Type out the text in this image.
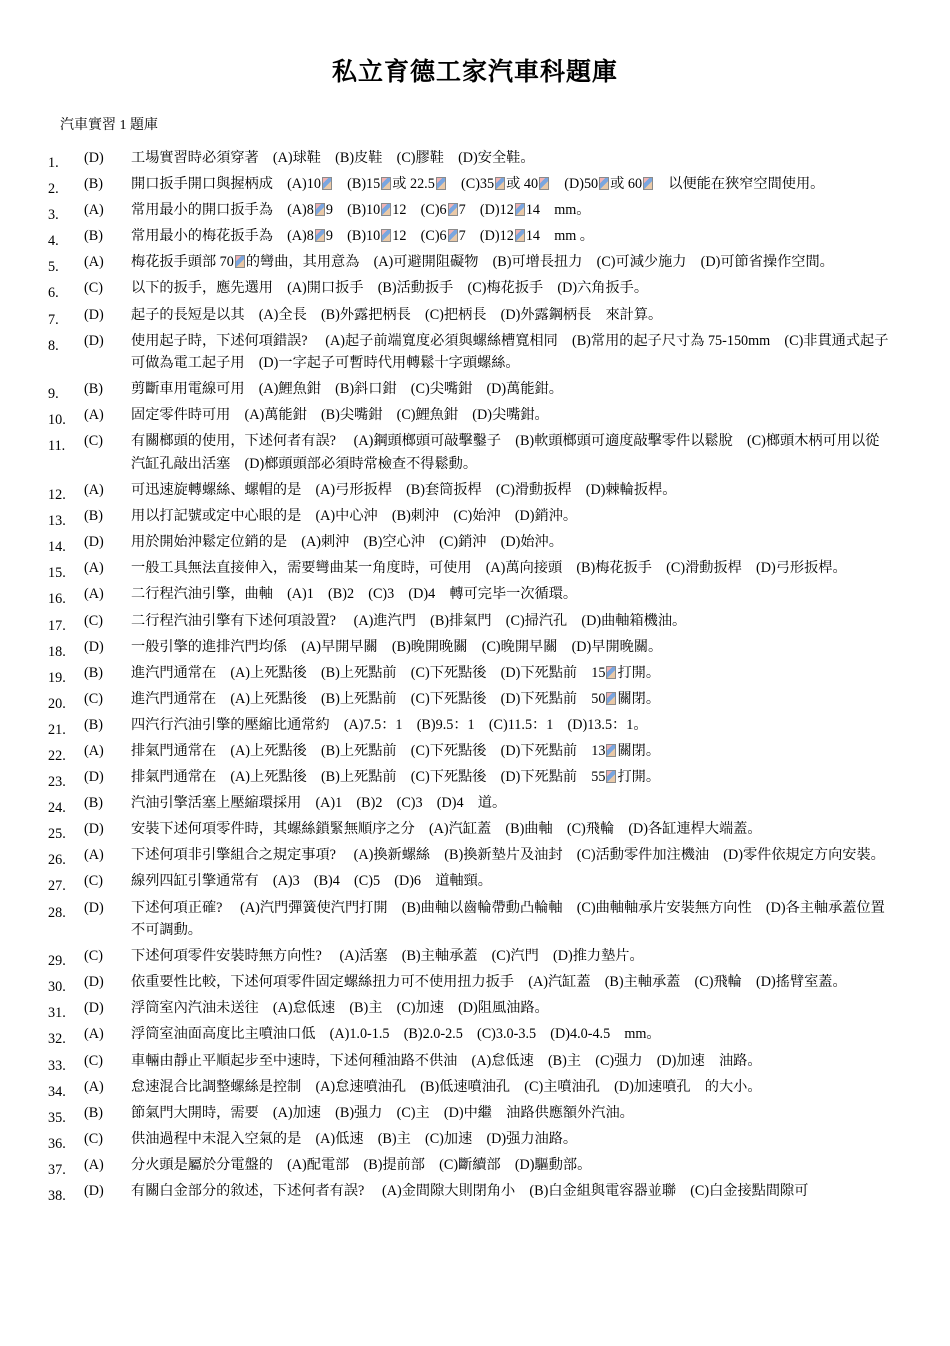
私立育德工家汽車科題庫
汽車實習 1 題庫
1.	(D) 工場實習時必須穿著　(A)球鞋　(B)皮鞋　(C)膠鞋　(D)安全鞋。
2.	(B) 開口扳手開口與握柄成　(A)10　(B)15 或 22.5　(C)35 或 40　(D)50 或 60　以便能在狹窄空間使用。
3.	(A) 常用最小的開口扳手為　(A)8 9　(B)10 12　(C)6 7　(D)12 14　mm。
4.	(B) 常用最小的梅花扳手為　(A)8 9　(B)10 12　(C)6 7　(D)12 14　mm 。
5.	(A) 梅花扳手頭部 70 的彎曲，其用意為　(A)可避開阻礙物　(B)可增長扭力　(C)可減少施力　(D)可節省操作空間。
6.	(C) 以下的扳手，應先選用　(A)開口扳手　(B)活動扳手　(C)梅花扳手　(D)六角扳手。
7.	(D) 起子的長短是以其　(A)全長　(B)外露把柄長　(C)把柄長　(D)外露鋼柄長　來計算。
8.	(D) 使用起子時，下述何項錯誤?　 (A)起子前端寬度必須與螺絲槽寬相同　(B)常用的起子尺寸為 75-150mm　(C)非貫通式起子可做為電工起子用　(D)一字起子可暫時代用轉鬆十字頭螺絲。
9.	(B) 剪斷車用電線可用　(A)鯉魚鉗　(B)斜口鉗　(C)尖嘴鉗　(D)萬能鉗。
10.	(A) 固定零件時可用　(A)萬能鉗　(B)尖嘴鉗　(C)鯉魚鉗　(D)尖嘴鉗。
11.	(C) 有關榔頭的使用，下述何者有誤?　 (A)鋼頭榔頭可敲擊鑿子　(B)軟頭榔頭可適度敲擊零件以鬆脫　(C)榔頭木柄可用以從汽缸孔敲出活塞　(D)榔頭頭部必須時常檢查不得鬆動。
12.	(A) 可迅速旋轉螺絲、螺帽的是　(A)弓形扳桿　(B)套筒扳桿　(C)滑動扳桿　(D)棘輪扳桿。
13.	(B) 用以打記號或定中心眼的是　(A)中心沖　(B)刺沖　(C)始沖　(D)銷沖。
14.	(D) 用於開始沖鬆定位銷的是　(A)刺沖　(B)空心沖　(C)銷沖　(D)始沖。
15.	(A) 一般工具無法直接伸入，需要彎曲某一角度時，可使用　(A)萬向接頭　(B)梅花扳手　(C)滑動扳桿　(D)弓形扳桿。
16.	(A) 二行程汽油引擎，曲軸　(A)1　(B)2　(C)3　(D)4　轉可完毕一次循環。
17.	(C) 二行程汽油引擎有下述何項設置?　 (A)進汽門　(B)排氣門　(C)掃汽孔　(D)曲軸箱機油。
18.	(D) 一般引擎的進排汽門均係　(A)早開早關　(B)晚開晚關　(C)晚開早關　(D)早開晚關。
19.	(B) 進汽門通常在　(A)上死點後　(B)上死點前　(C)下死點後　(D)下死點前　15 打開。
20.	(C) 進汽門通常在　(A)上死點後　(B)上死點前　(C)下死點後　(D)下死點前　50 關閉。
21.	(B) 四汽行汽油引擎的壓縮比通常約　(A)7.5：1　(B)9.5：1　(C)11.5：1　(D)13.5：1。
22.	(A) 排氣門通常在　(A)上死點後　(B)上死點前　(C)下死點後　(D)下死點前　13 關閉。
23.	(D) 排氣門通常在　(A)上死點後　(B)上死點前　(C)下死點後　(D)下死點前　55 打開。
24.	(B) 汽油引擎活塞上壓縮環採用　(A)1　(B)2　(C)3　(D)4　道。
25.	(D) 安裝下述何項零件時，其螺絲鎖緊無順序之分　(A)汽缸蓋　(B)曲軸　(C)飛輪　(D)各缸連桿大端蓋。
26.	(A) 下述何項非引擎組合之規定事項?　 (A)換新螺絲　(B)換新墊片及油封　(C)活動零件加注機油　(D)零件依規定方向安裝。
27.	(C) 線列四缸引擎通常有　(A)3　(B)4　(C)5　(D)6　道軸頸。
28.	(D) 下述何項正確?　 (A)汽門彈簧使汽門打開　(B)曲軸以齒輪帶動凸輪軸　(C)曲軸軸承片安裝無方向性　(D)各主軸承蓋位置不可調動。
29.	(C) 下述何項零件安裝時無方向性?　 (A)活塞　(B)主軸承蓋　(C)汽門　(D)推力墊片。
30.	(D) 依重要性比較，下述何項零件固定螺絲扭力可不使用扭力扳手　(A)汽缸蓋　(B)主軸承蓋　(C)飛輪　(D)搖臂室蓋。
31.	(D) 浮筒室內汽油未送往　(A)怠低速　(B)主　(C)加速　(D)阻風油路。
32.	(A) 浮筒室油面高度比主噴油口低　(A)1.0-1.5　(B)2.0-2.5　(C)3.0-3.5　(D)4.0-4.5　mm。
33.	(C) 車輛由靜止平順起步至中速時，下述何種油路不供油　(A)怠低速　(B)主　(C)强力　(D)加速　油路。
34.	(A) 怠速混合比調整螺絲是控制　(A)怠速噴油孔　(B)低速噴油孔　(C)主噴油孔　(D)加速噴孔　的大小。
35.	(B) 節氣門大開時，需要　(A)加速　(B)强力　(C)主　(D)中繼　油路供應額外汽油。
36.	(C) 供油過程中未混入空氣的是　(A)低速　(B)主　(C)加速　(D)强力油路。
37.	(A) 分火頭是屬於分電盤的　(A)配電部　(B)提前部　(C)斷續部　(D)驅動部。
38.	(D) 有關白金部分的敘述，下述何者有誤?　 (A)金間隙大則閉角小　(B)白金組與電容器並聯　(C)白金接點間隙可
